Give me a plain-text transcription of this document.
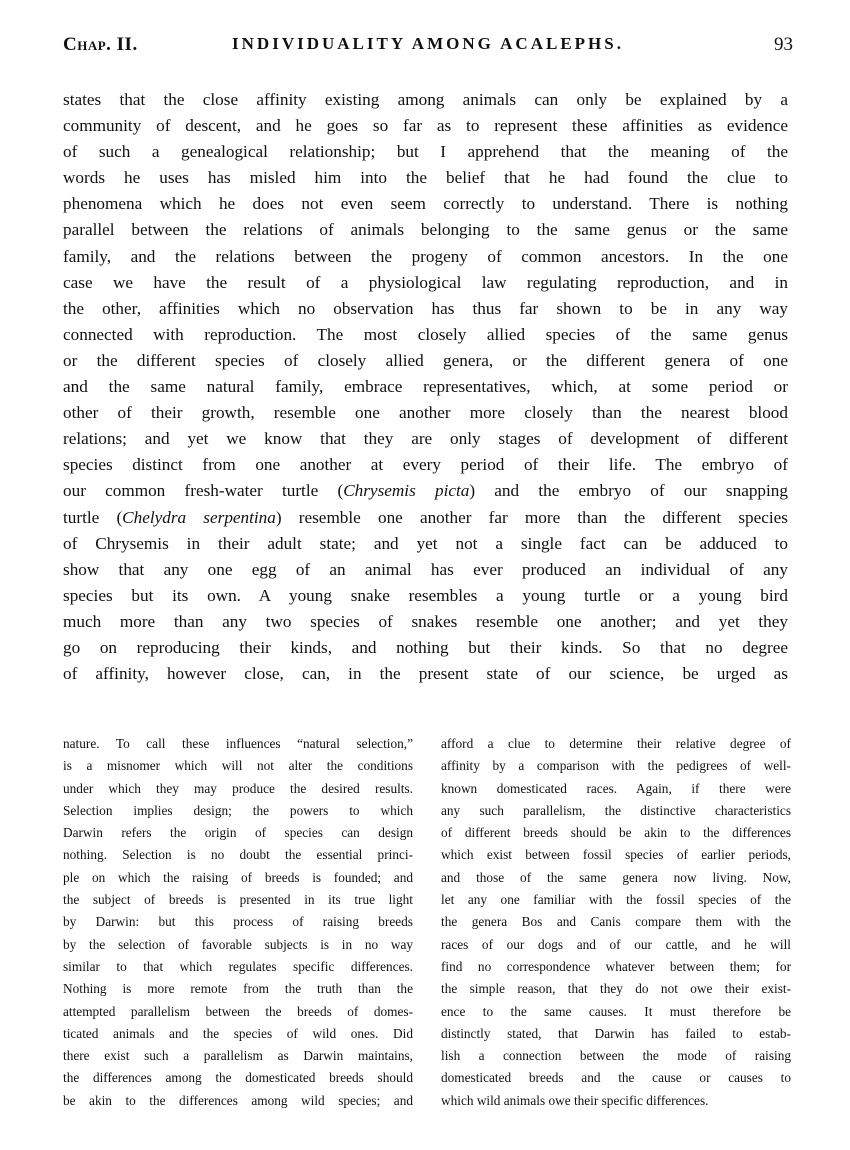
Chap. II.	INDIVIDUALITY AMONG ACALEPHS.	93
states that the close affinity existing among animals can only be explained by a
community of descent, and he goes so far as to represent these affinities as evidence
of such a genealogical relationship; but I apprehend that the meaning of the
words he uses has misled him into the belief that he had found the clue to
phenomena which he does not even seem correctly to understand. There is nothing
parallel between the relations of animals belonging to the same genus or the same
family, and the relations between the progeny of common ancestors. In the one
case we have the result of a physiological law regulating reproduction, and in
the other, affinities which no observation has thus far shown to be in any way
connected with reproduction. The most closely allied species of the same genus
or the different species of closely allied genera, or the different genera of one
and the same natural family, embrace representatives, which, at some period or
other of their growth, resemble one another more closely than the nearest blood
relations; and yet we know that they are only stages of development of different
species distinct from one another at every period of their life. The embryo of
our common fresh-water turtle (Chrysemis picta) and the embryo of our snapping
turtle (Chelydra serpentina) resemble one another far more than the different species
of Chrysemis in their adult state; and yet not a single fact can be adduced to
show that any one egg of an animal has ever produced an individual of any
species but its own. A young snake resembles a young turtle or a young bird
much more than any two species of snakes resemble one another; and yet they
go on reproducing their kinds, and nothing but their kinds. So that no degree
of affinity, however close, can, in the present state of our science, be urged as
nature. To call these influences “natural selection,”
is a misnomer which will not alter the conditions
under which they may produce the desired results.
Selection implies design; the powers to which
Darwin refers the origin of species can design
nothing. Selection is no doubt the essential princi-
ple on which the raising of breeds is founded; and
the subject of breeds is presented in its true light
by Darwin: but this process of raising breeds
by the selection of favorable subjects is in no way
similar to that which regulates specific differences.
Nothing is more remote from the truth than the
attempted parallelism between the breeds of domes-
ticated animals and the species of wild ones. Did
there exist such a parallelism as Darwin maintains,
the differences among the domesticated breeds should
be akin to the differences among wild species; and
afford a clue to determine their relative degree of
affinity by a comparison with the pedigrees of well-
known domesticated races. Again, if there were
any such parallelism, the distinctive characteristics
of different breeds should be akin to the differences
which exist between fossil species of earlier periods,
and those of the same genera now living. Now,
let any one familiar with the fossil species of the
the genera Bos and Canis compare them with the
races of our dogs and of our cattle, and he will
find no correspondence whatever between them; for
the simple reason, that they do not owe their exist-
ence to the same causes. It must therefore be
distinctly stated, that Darwin has failed to estab-
lish a connection between the mode of raising
domesticated breeds and the cause or causes to
which wild animals owe their specific differences.
